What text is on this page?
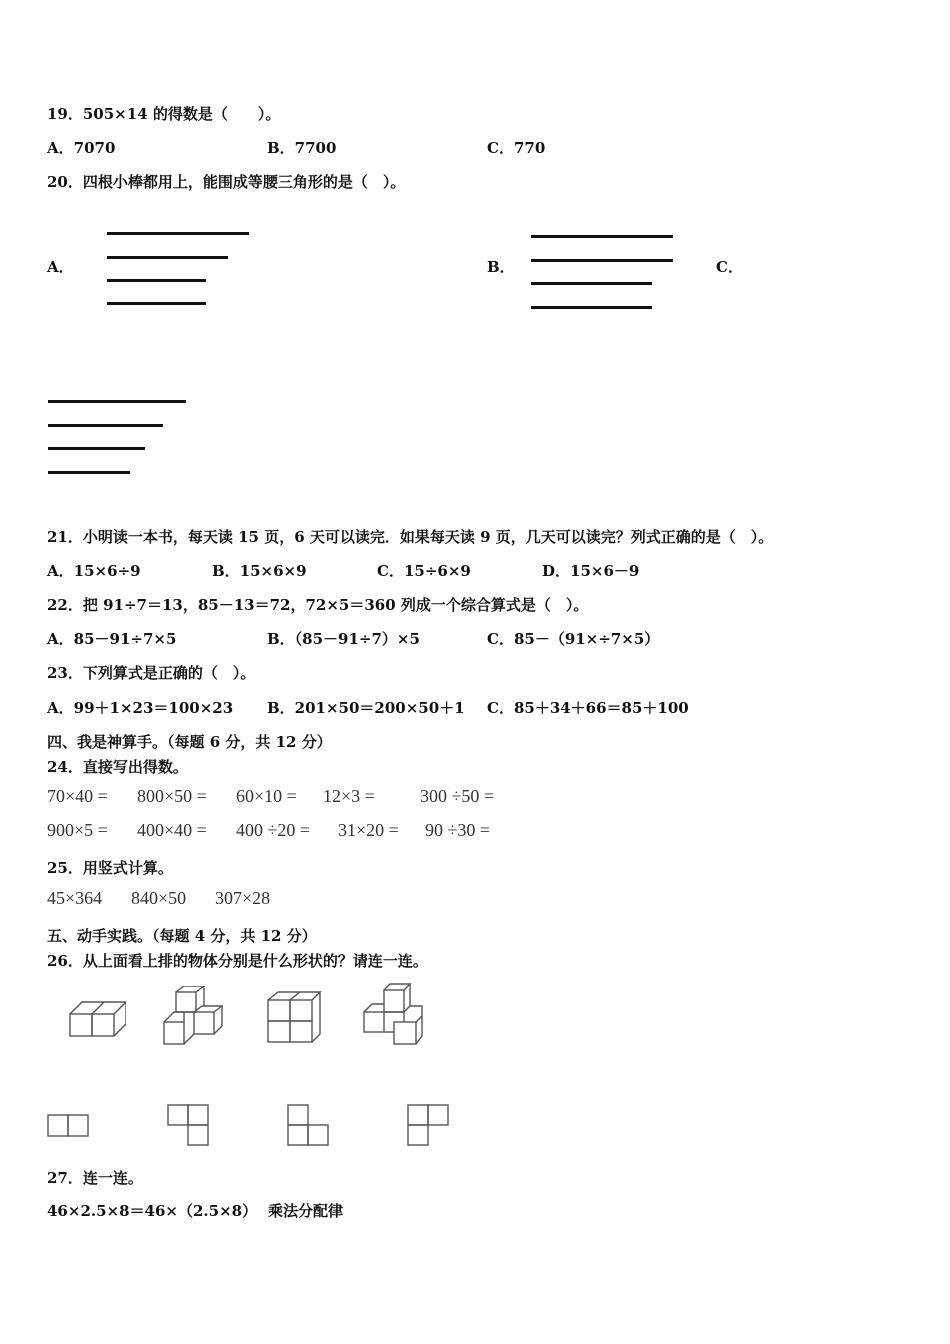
19．505×14 的得数是（　　）。
A．7070	B．7700	C．770
20．四根小棒都用上，能围成等腰三角形的是（　）。
A．	B．	C．
21．小明读一本书，每天读 15 页，6 天可以读完．如果每天读 9 页，几天可以读完？列式正确的是（　）。
A．15×6÷9	B．15×6×9	C．15÷6×9	D．15×6－9
22．把 91÷7＝13，85－13＝72，72×5＝360 列成一个综合算式是（　）。
A．85－91÷7×5	B．（85－91÷7）×5	C．85－（91×÷7×5）
23．下列算式是正确的（　）。
A．99＋1×23＝100×23 B．201×50＝200×50＋1 C．85＋34＋66＝85＋100
四、我是神算手。（每题 6 分，共 12 分）
24．直接写出得数。
70×40 = 800×50 = 60×10 = 12×3 =	300 ÷50 =
900×5 = 400×40 = 400 ÷20 = 31×20 = 90 ÷30 =
25．用竖式计算。
45×364 840×50 307×28
五、动手实践。（每题 4 分，共 12 分）
26．从上面看上排的物体分别是什么形状的？请连一连。
27．连一连。
46×2.5×8＝46×（2.5×8） 乘法分配律
